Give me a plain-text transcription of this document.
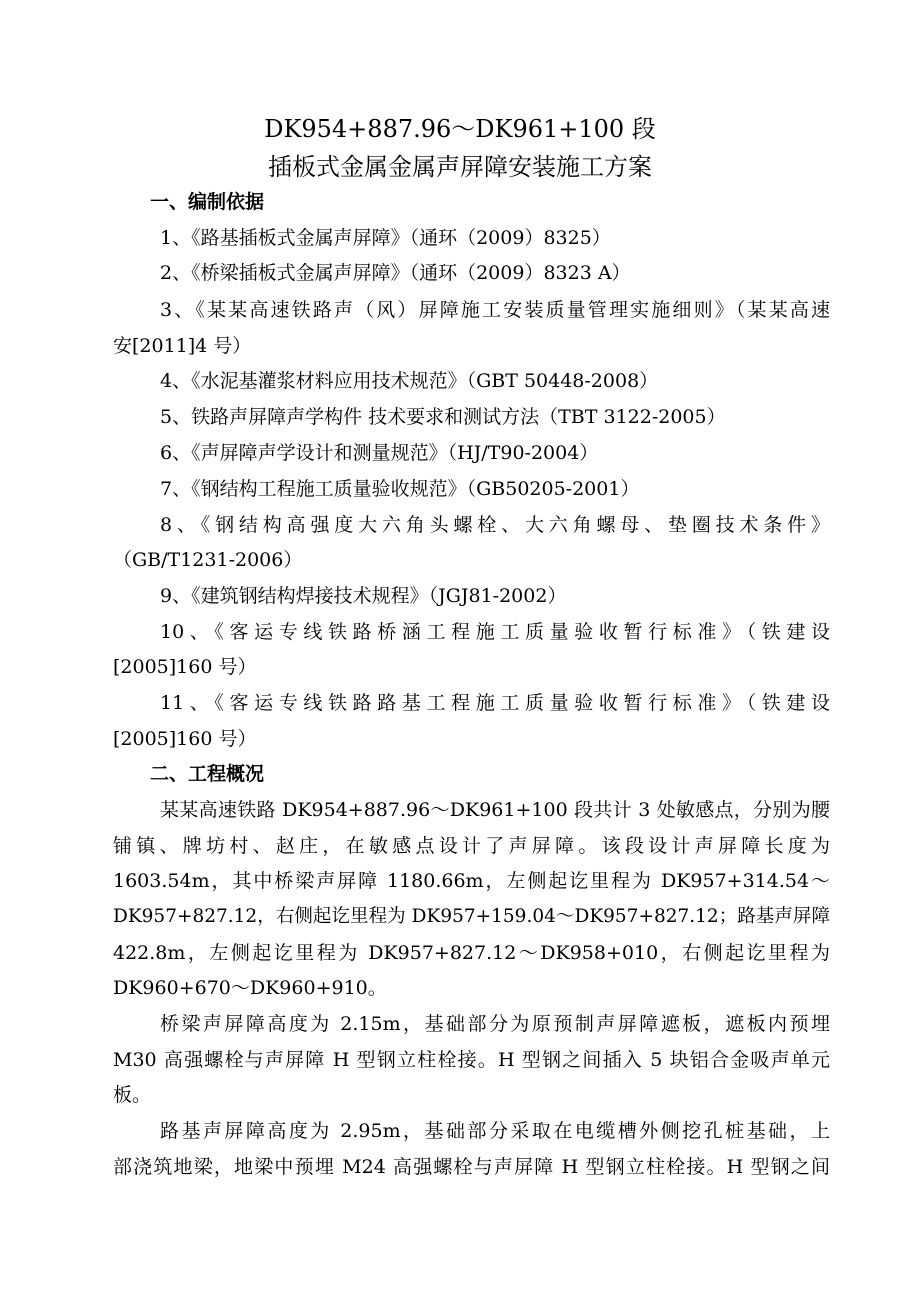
DK954+887.96～DK961+100 段
插板式金属金属声屏障安装施工方案
一、编制依据
1、《路基插板式金属声屏障》（通环（2009）8325）
2、《桥梁插板式金属声屏障》（通环（2009）8323 A）
3、《某某高速铁路声（风）屏障施工安装质量管理实施细则》（某某高速
安[2011]4 号）
4、《水泥基灌浆材料应用技术规范》（GBT 50448-2008）
5、铁路声屏障声学构件 技术要求和测试方法（TBT 3122-2005）
6、《声屏障声学设计和测量规范》（HJ/T90-2004）
7、《钢结构工程施工质量验收规范》（GB50205-2001）
8、《钢结构高强度大六角头螺栓、大六角螺母、垫圈技术条件》
（GB/T1231-2006）
9、《建筑钢结构焊接技术规程》（JGJ81-2002）
10、《客运专线铁路桥涵工程施工质量验收暂行标准》（铁建设
[2005]160 号）
11、《客运专线铁路路基工程施工质量验收暂行标准》（铁建设
[2005]160 号）
二、工程概况
某某高速铁路 DK954+887.96～DK961+100 段共计 3 处敏感点，分别为腰
铺镇、牌坊村、赵庄，在敏感点设计了声屏障。该段设计声屏障长度为
1603.54m，其中桥梁声屏障 1180.66m，左侧起讫里程为 DK957+314.54～
DK957+827.12，右侧起讫里程为 DK957+159.04～DK957+827.12；路基声屏障
422.8m，左侧起讫里程为 DK957+827.12～DK958+010，右侧起讫里程为
DK960+670～DK960+910。
桥梁声屏障高度为 2.15m，基础部分为原预制声屏障遮板，遮板内预埋
M30 高强螺栓与声屏障 H 型钢立柱栓接。H 型钢之间插入 5 块铝合金吸声单元
板。
路基声屏障高度为 2.95m，基础部分采取在电缆槽外侧挖孔桩基础，上
部浇筑地梁，地梁中预埋 M24 高强螺栓与声屏障 H 型钢立柱栓接。H 型钢之间
